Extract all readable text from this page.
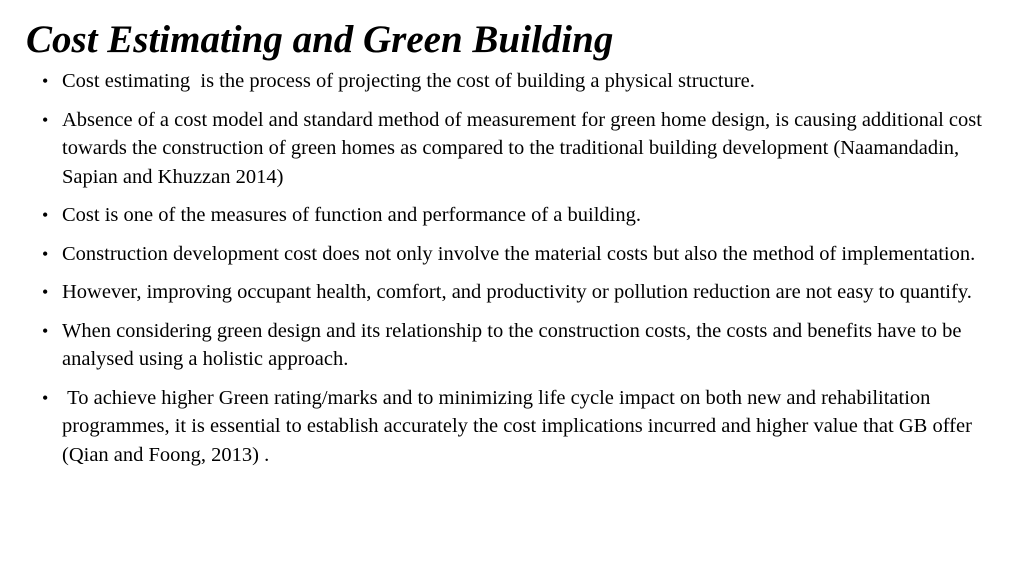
Cost Estimating and Green Building
• Cost estimating  is the process of projecting the cost of building a physical structure.
• Absence of a cost model and standard method of measurement for green home design, is causing additional cost towards the construction of green homes as compared to the traditional building development (Naamandadin, Sapian and Khuzzan 2014)
• Cost is one of the measures of function and performance of a building.
• Construction development cost does not only involve the material costs but also the method of implementation.
• However, improving occupant health, comfort, and productivity or pollution reduction are not easy to quantify.
• When considering green design and its relationship to the construction costs, the costs and benefits have to be analysed using a holistic approach.
• To achieve higher Green rating/marks and to minimizing life cycle impact on both new and rehabilitation programmes, it is essential to establish accurately the cost implications incurred and higher value that GB offer (Qian and Foong, 2013) .
